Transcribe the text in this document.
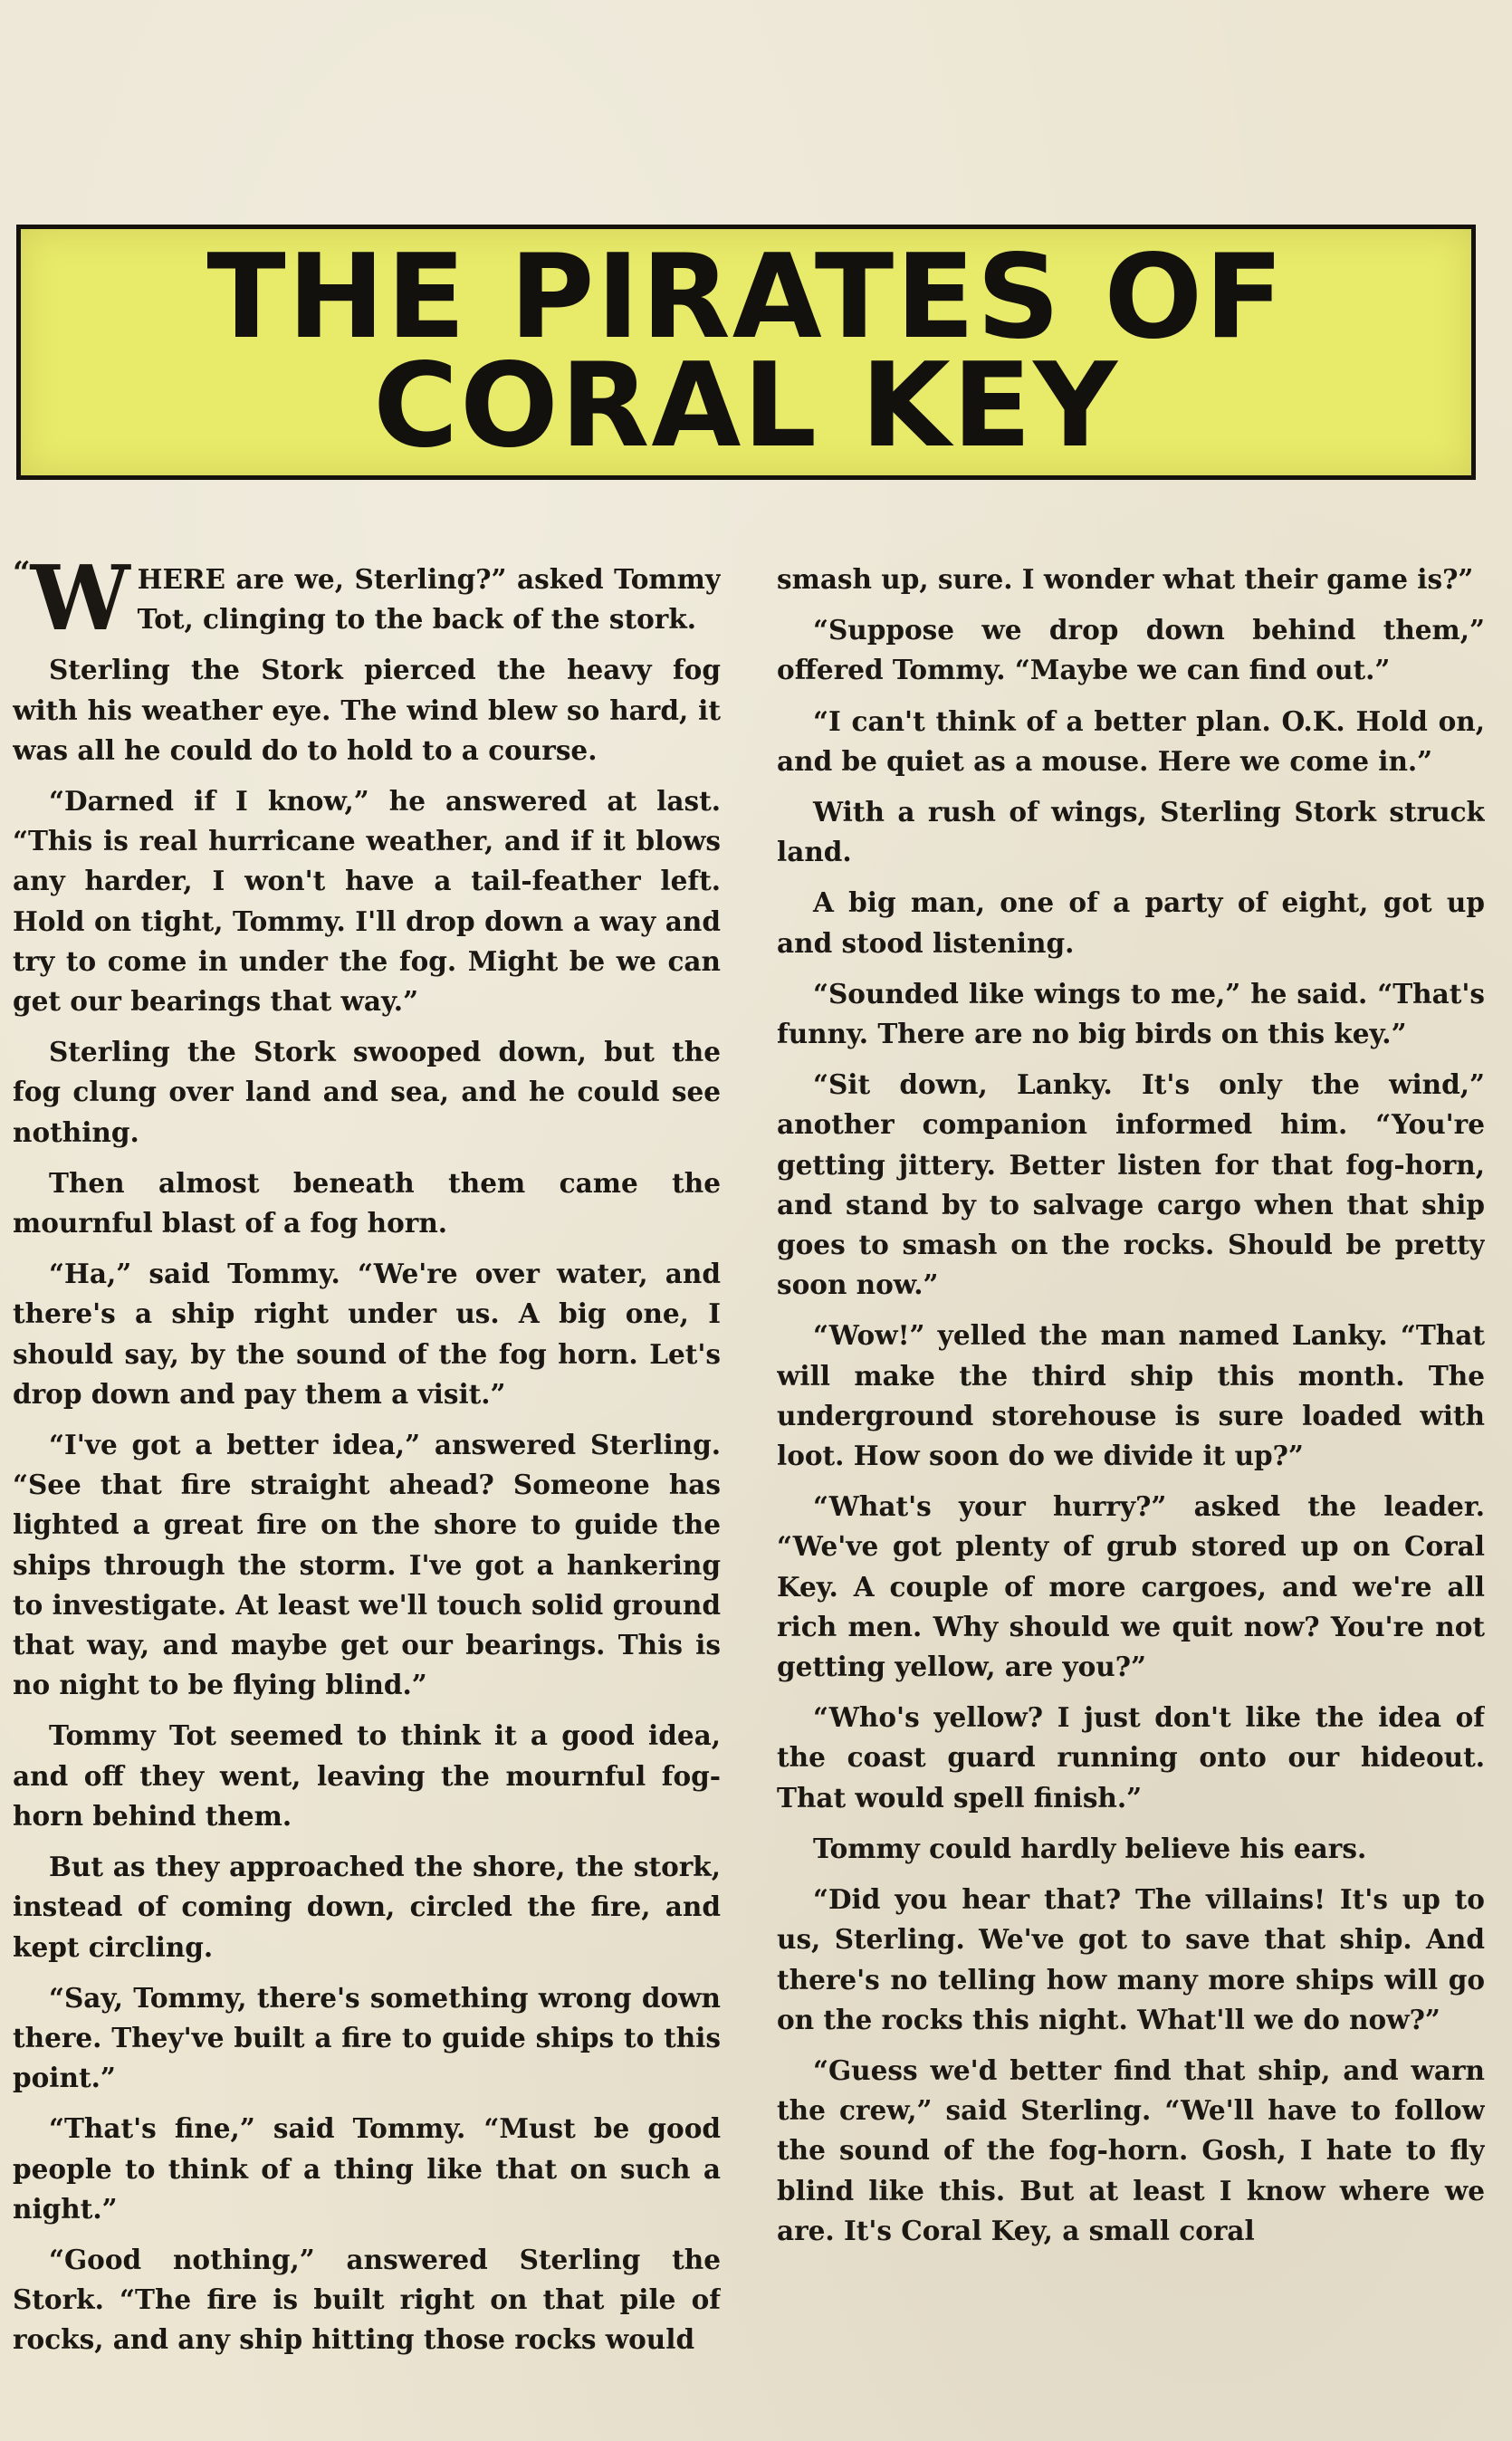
THE PIRATES OF
CORAL KEY

“ W HERE are we, Sterling?” asked Tommy Tot, clinging to the back of the stork.

Sterling the Stork pierced the heavy fog with his weather eye. The wind blew so hard, it was all he could do to hold to a course.

“Darned if I know,” he answered at last. “This is real hurricane weather, and if it blows any harder, I won't have a tail-feather left. Hold on tight, Tommy. I'll drop down a way and try to come in under the fog. Might be we can get our bearings that way.”

Sterling the Stork swooped down, but the fog clung over land and sea, and he could see nothing.

Then almost beneath them came the mournful blast of a fog horn.

“Ha,” said Tommy. “We're over water, and there's a ship right under us. A big one, I should say, by the sound of the fog horn. Let's drop down and pay them a visit.”

“I've got a better idea,” answered Sterling. “See that fire straight ahead? Someone has lighted a great fire on the shore to guide the ships through the storm. I've got a hankering to investigate. At least we'll touch solid ground that way, and maybe get our bearings. This is no night to be flying blind.”

Tommy Tot seemed to think it a good idea, and off they went, leaving the mournful fog-horn behind them.

But as they approached the shore, the stork, instead of coming down, circled the fire, and kept circling.

“Say, Tommy, there's something wrong down there. They've built a fire to guide ships to this point.”

“That's fine,” said Tommy. “Must be good people to think of a thing like that on such a night.”

“Good nothing,” answered Sterling the Stork. “The fire is built right on that pile of rocks, and any ship hitting those rocks would

smash up, sure. I wonder what their game is?”

“Suppose we drop down behind them,” offered Tommy. “Maybe we can find out.”

“I can't think of a better plan. O.K. Hold on, and be quiet as a mouse. Here we come in.”

With a rush of wings, Sterling Stork struck land.

A big man, one of a party of eight, got up and stood listening.

“Sounded like wings to me,” he said. “That's funny. There are no big birds on this key.”

“Sit down, Lanky. It's only the wind,” another companion informed him. “You're getting jittery. Better listen for that fog-horn, and stand by to salvage cargo when that ship goes to smash on the rocks. Should be pretty soon now.”

“Wow!” yelled the man named Lanky. “That will make the third ship this month. The underground storehouse is sure loaded with loot. How soon do we divide it up?”

“What's your hurry?” asked the leader. “We've got plenty of grub stored up on Coral Key. A couple of more cargoes, and we're all rich men. Why should we quit now? You're not getting yellow, are you?”

“Who's yellow? I just don't like the idea of the coast guard running onto our hideout. That would spell finish.”

Tommy could hardly believe his ears.

“Did you hear that? The villains! It's up to us, Sterling. We've got to save that ship. And there's no telling how many more ships will go on the rocks this night. What'll we do now?”

“Guess we'd better find that ship, and warn the crew,” said Sterling. “We'll have to follow the sound of the fog-horn. Gosh, I hate to fly blind like this. But at least I know where we are. It's Coral Key, a small coral
